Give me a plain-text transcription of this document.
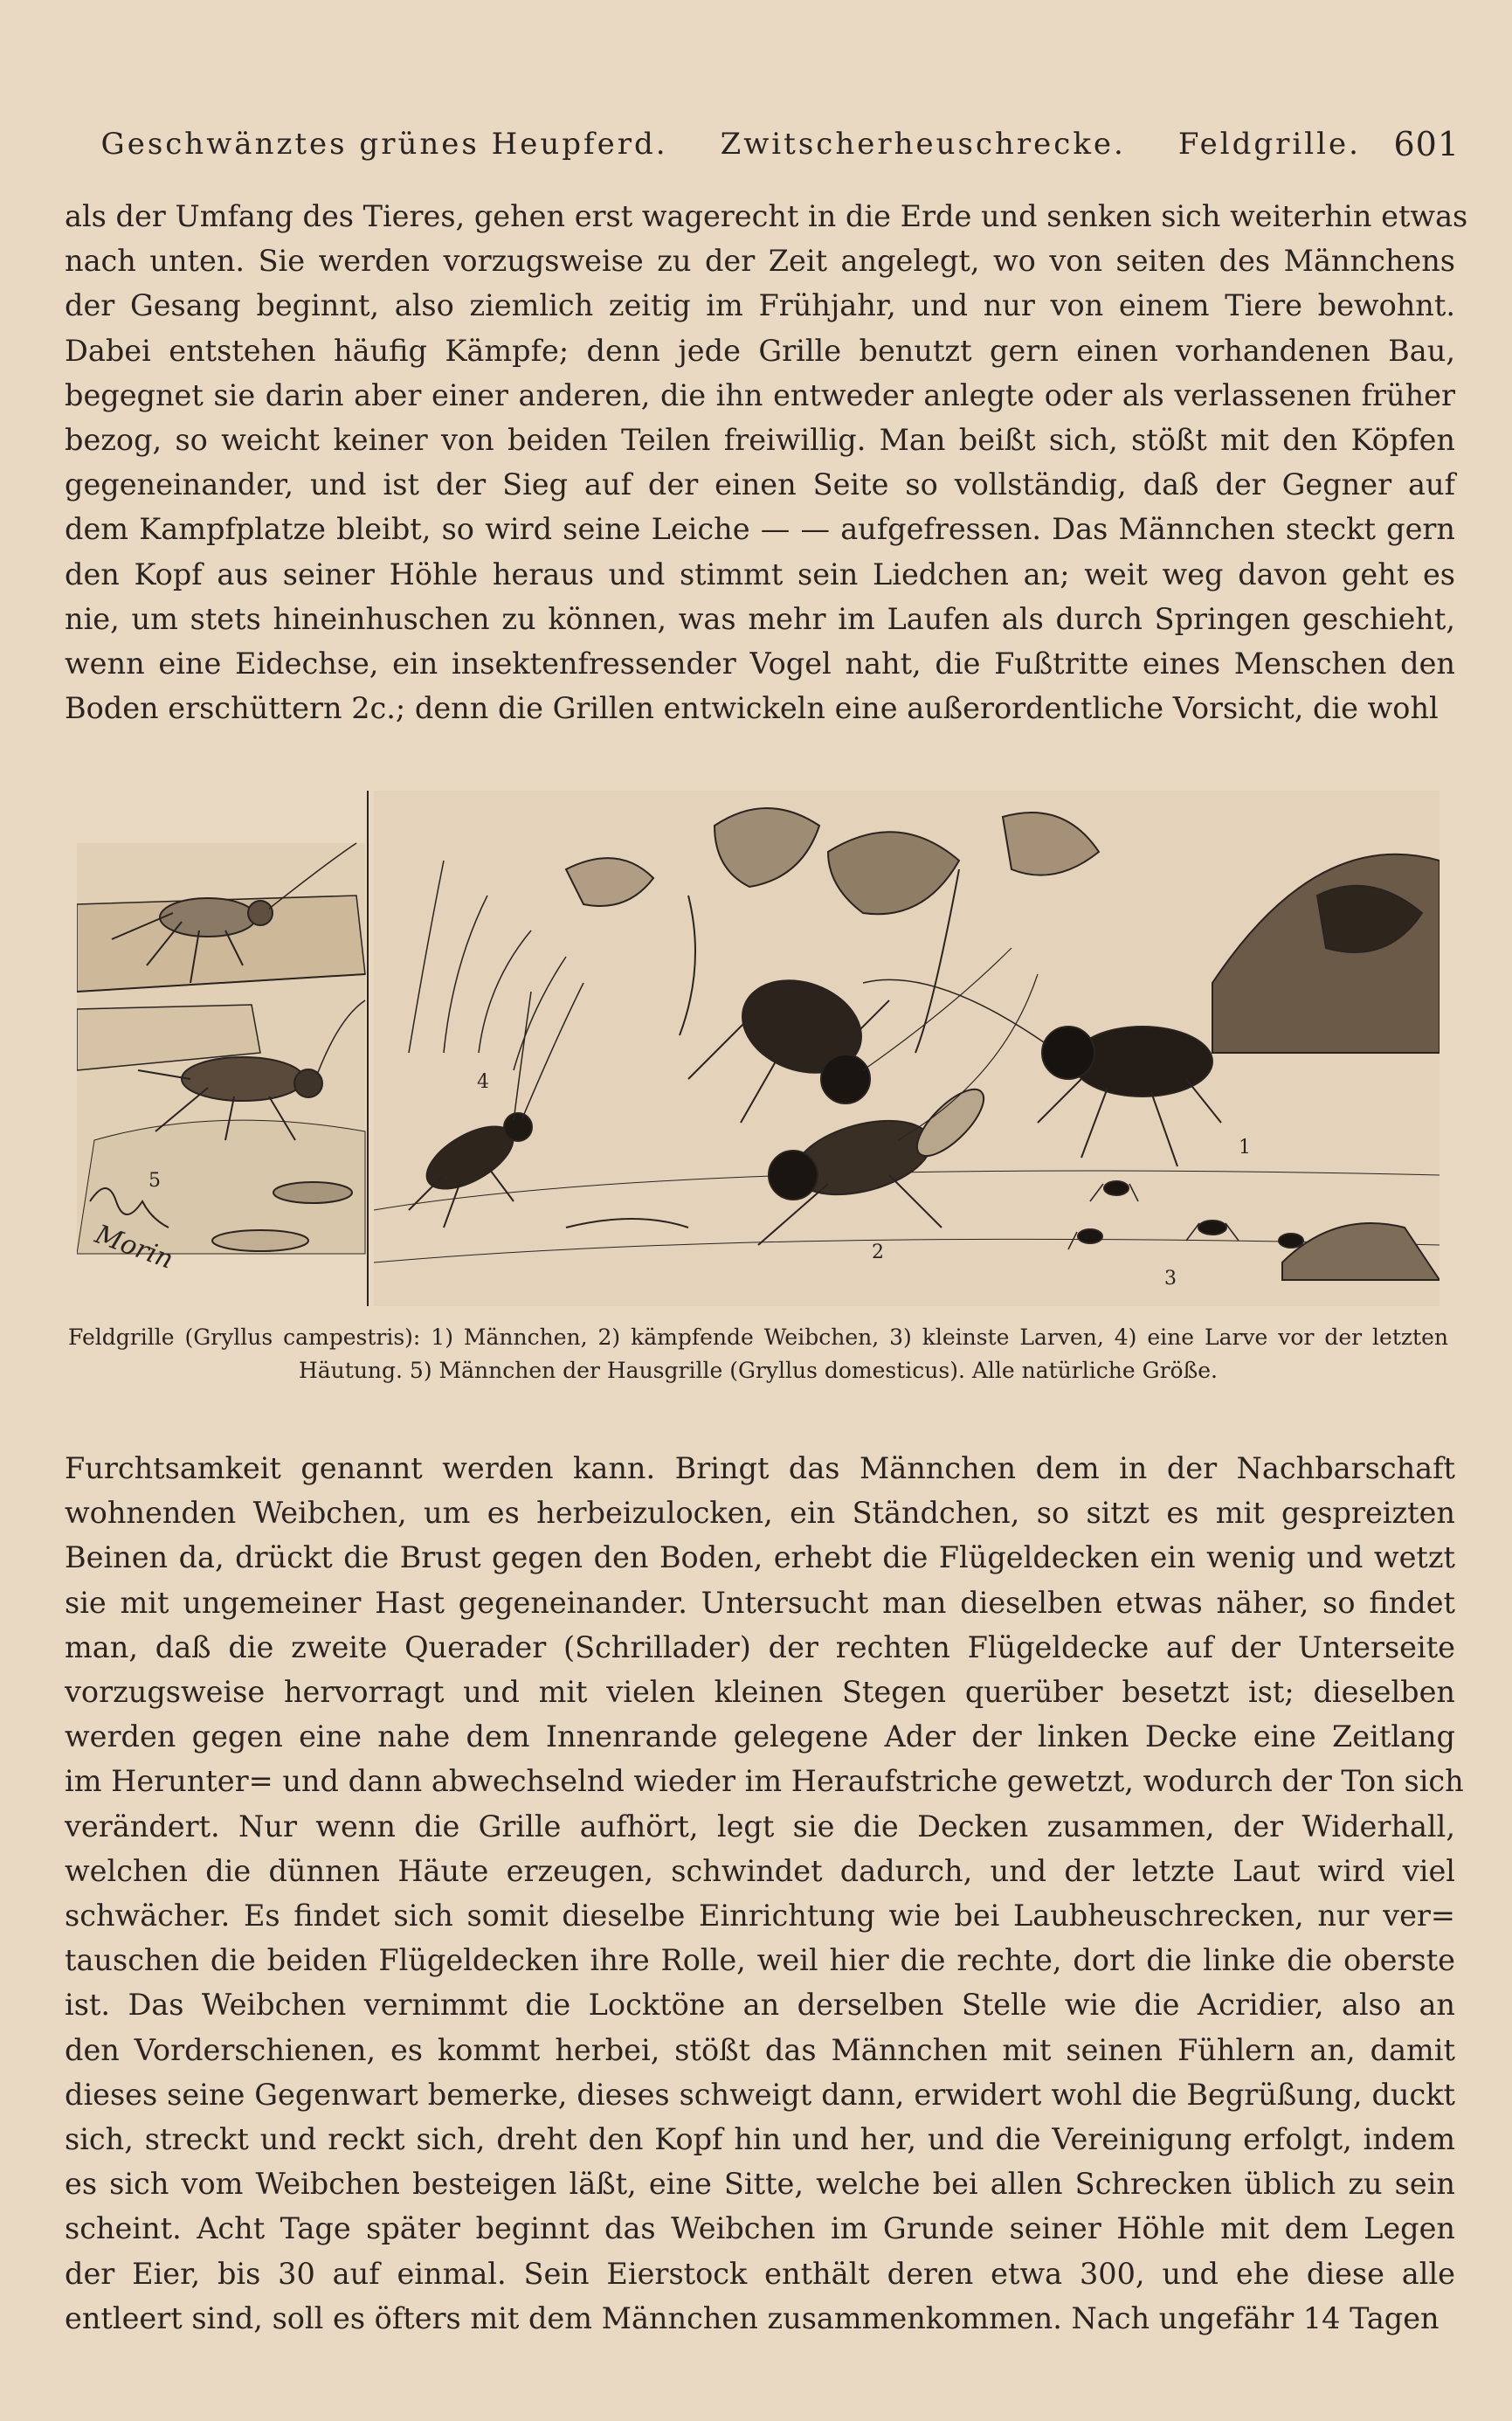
Geschwänztes grünes Heupferd. Zwitscherheuschrecke. Feldgrille. 601
als der Umfang des Tieres, gehen erst wagerecht in die Erde und senken sich weiterhin etwas
nach unten. Sie werden vorzugsweise zu der Zeit angelegt, wo von seiten des Männchens
der Gesang beginnt, also ziemlich zeitig im Frühjahr, und nur von einem Tiere bewohnt.
Dabei entstehen häufig Kämpfe; denn jede Grille benutzt gern einen vorhandenen Bau,
begegnet sie darin aber einer anderen, die ihn entweder anlegte oder als verlassenen früher
bezog, so weicht keiner von beiden Teilen freiwillig. Man beißt sich, stößt mit den Köpfen
gegeneinander, und ist der Sieg auf der einen Seite so vollständig, daß der Gegner auf
dem Kampfplatze bleibt, so wird seine Leiche — — aufgefressen. Das Männchen steckt gern
den Kopf aus seiner Höhle heraus und stimmt sein Liedchen an; weit weg davon geht es
nie, um stets hineinhuschen zu können, was mehr im Laufen als durch Springen geschieht,
wenn eine Eidechse, ein insektenfressender Vogel naht, die Fußtritte eines Menschen den
Boden erschüttern 2c.; denn die Grillen entwickeln eine außerordentliche Vorsicht, die wohl
1
2
3
4
5
Morin
Feldgrille (Gryllus campestris): 1) Männchen, 2) kämpfende Weibchen, 3) kleinste Larven, 4) eine Larve vor der letzten
Häutung. 5) Männchen der Hausgrille (Gryllus domesticus). Alle natürliche Größe.
Furchtsamkeit genannt werden kann. Bringt das Männchen dem in der Nachbarschaft
wohnenden Weibchen, um es herbeizulocken, ein Ständchen, so sitzt es mit gespreizten
Beinen da, drückt die Brust gegen den Boden, erhebt die Flügeldecken ein wenig und wetzt
sie mit ungemeiner Hast gegeneinander. Untersucht man dieselben etwas näher, so findet
man, daß die zweite Querader (Schrillader) der rechten Flügeldecke auf der Unterseite
vorzugsweise hervorragt und mit vielen kleinen Stegen querüber besetzt ist; dieselben
werden gegen eine nahe dem Innenrande gelegene Ader der linken Decke eine Zeitlang
im Herunter= und dann abwechselnd wieder im Heraufstriche gewetzt, wodurch der Ton sich
verändert. Nur wenn die Grille aufhört, legt sie die Decken zusammen, der Widerhall,
welchen die dünnen Häute erzeugen, schwindet dadurch, und der letzte Laut wird viel
schwächer. Es findet sich somit dieselbe Einrichtung wie bei Laubheuschrecken, nur ver=
tauschen die beiden Flügeldecken ihre Rolle, weil hier die rechte, dort die linke die oberste
ist. Das Weibchen vernimmt die Locktöne an derselben Stelle wie die Acridier, also an
den Vorderschienen, es kommt herbei, stößt das Männchen mit seinen Fühlern an, damit
dieses seine Gegenwart bemerke, dieses schweigt dann, erwidert wohl die Begrüßung, duckt
sich, streckt und reckt sich, dreht den Kopf hin und her, und die Vereinigung erfolgt, indem
es sich vom Weibchen besteigen läßt, eine Sitte, welche bei allen Schrecken üblich zu sein
scheint. Acht Tage später beginnt das Weibchen im Grunde seiner Höhle mit dem Legen
der Eier, bis 30 auf einmal. Sein Eierstock enthält deren etwa 300, und ehe diese alle
entleert sind, soll es öfters mit dem Männchen zusammenkommen. Nach ungefähr 14 Tagen
